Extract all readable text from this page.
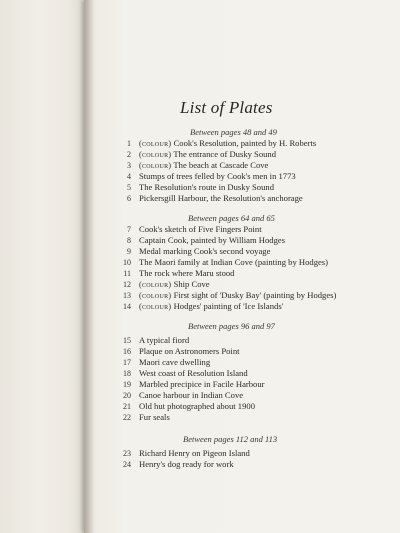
List of Plates
Between pages 48 and 49
1 (colour) Cook's Resolution, painted by H. Roberts
2 (colour) The entrance of Dusky Sound
3 (colour) The beach at Cascade Cove
4 Stumps of trees felled by Cook's men in 1773
5 The Resolution's route in Dusky Sound
6 Pickersgill Harbour, the Resolution's anchorage
Between pages 64 and 65
7 Cook's sketch of Five Fingers Point
8 Captain Cook, painted by William Hodges
9 Medal marking Cook's second voyage
10 The Maori family at Indian Cove (painting by Hodges)
11 The rock where Maru stood
12 (colour) Ship Cove
13 (colour) First sight of 'Dusky Bay' (painting by Hodges)
14 (colour) Hodges' painting of 'Ice Islands'
Between pages 96 and 97
15 A typical fiord
16 Plaque on Astronomers Point
17 Maori cave dwelling
18 West coast of Resolution Island
19 Marbled precipice in Facile Harbour
20 Canoe harbour in Indian Cove
21 Old hut photographed about 1900
22 Fur seals
Between pages 112 and 113
23 Richard Henry on Pigeon Island
24 Henry's dog ready for work
